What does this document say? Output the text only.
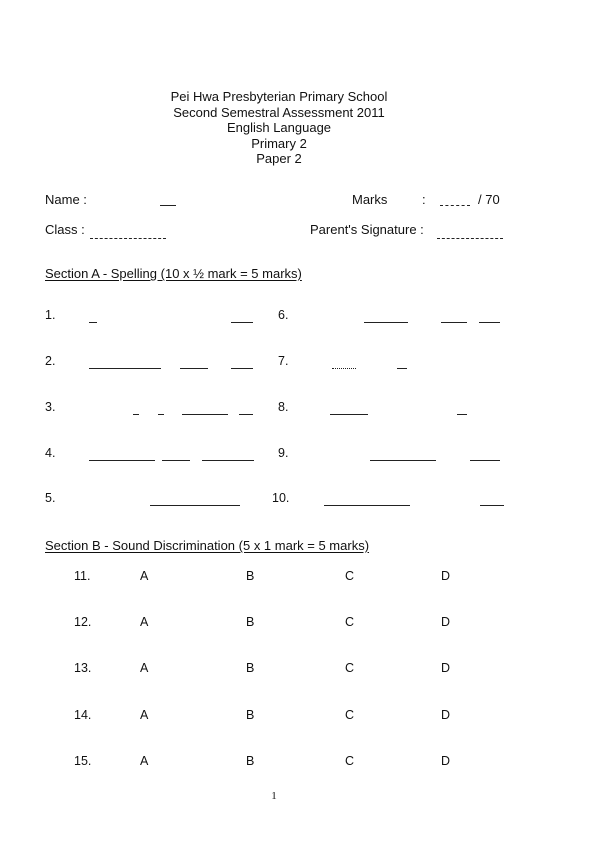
Pei Hwa Presbyterian Primary School
Second Semestral Assessment 2011
English Language
Primary 2
Paper 2
Name :	Marks	:	/ 70
Class :	Parent's Signature :
Section A - Spelling (10 x ½ mark = 5 marks)
1.
2.
3.
4.
5.
6.
7.
8.
9.
10.
Section B - Sound Discrimination (5 x 1 mark = 5 marks)
11.	A	B	C	D
12.	A	B	C	D
13.	A	B	C	D
14.	A	B	C	D
15.	A	B	C	D
1
